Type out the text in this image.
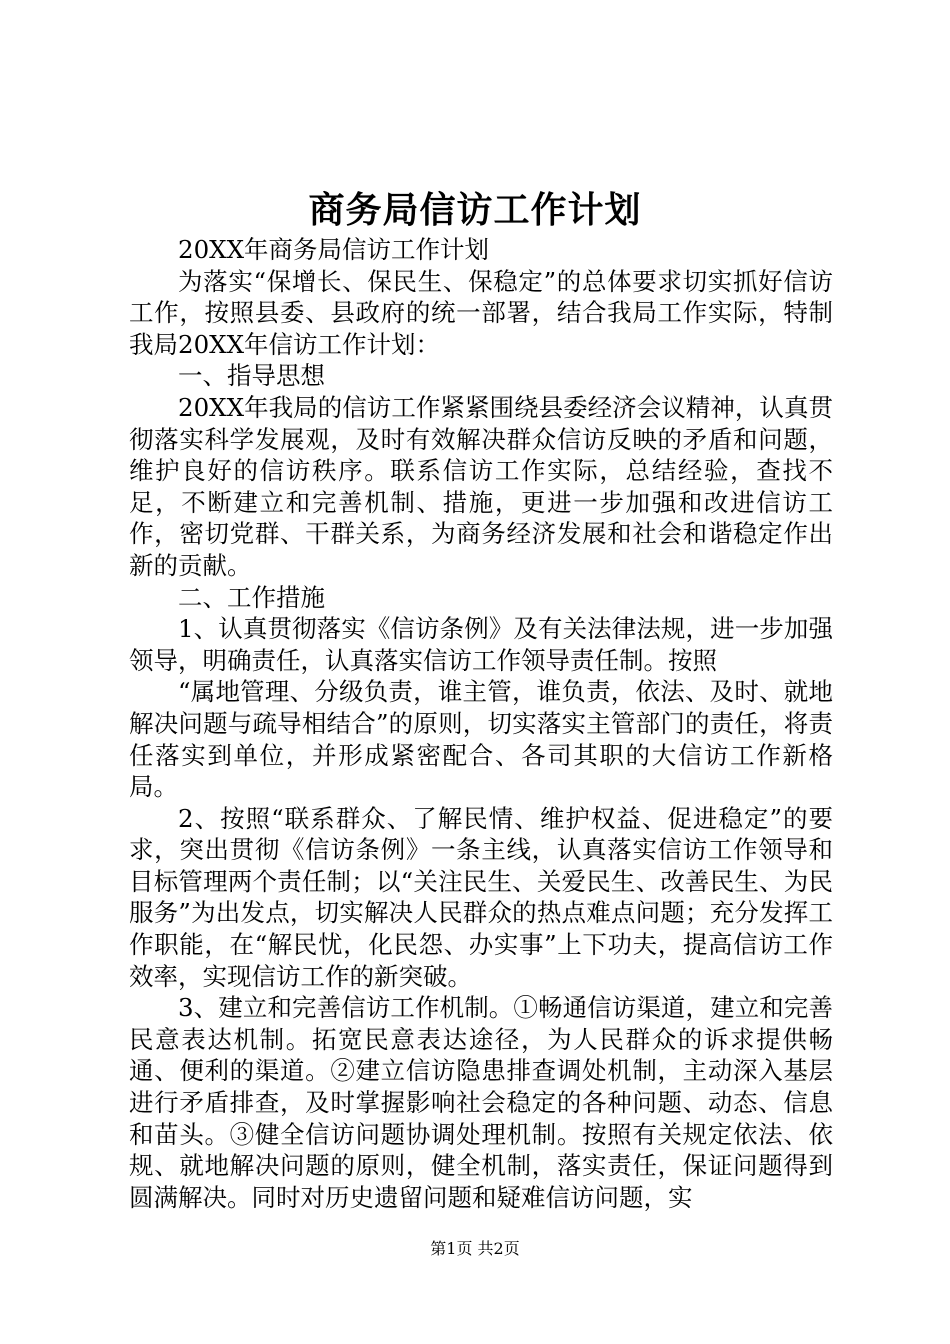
商务局信访工作计划

20XX年商务局信访工作计划

为落实“保增长、保民生、保稳定”的总体要求切实抓好信访工作，按照县委、县政府的统一部署，结合我局工作实际，特制我局20XX年信访工作计划：

一、指导思想

20XX年我局的信访工作紧紧围绕县委经济会议精神，认真贯彻落实科学发展观，及时有效解决群众信访反映的矛盾和问题，维护良好的信访秩序。联系信访工作实际，总结经验，查找不足，不断建立和完善机制、措施，更进一步加强和改进信访工作，密切党群、干群关系，为商务经济发展和社会和谐稳定作出新的贡献。

二、工作措施

1、认真贯彻落实《信访条例》及有关法律法规，进一步加强领导，明确责任，认真落实信访工作领导责任制。按照

“属地管理、分级负责，谁主管，谁负责，依法、及时、就地解决问题与疏导相结合”的原则，切实落实主管部门的责任，将责任落实到单位，并形成紧密配合、各司其职的大信访工作新格局。

2、按照“联系群众、了解民情、维护权益、促进稳定”的要求，突出贯彻《信访条例》一条主线，认真落实信访工作领导和目标管理两个责任制；以“关注民生、关爱民生、改善民生、为民服务”为出发点，切实解决人民群众的热点难点问题；充分发挥工作职能，在“解民忧，化民怨、办实事”上下功夫，提高信访工作效率，实现信访工作的新突破。

3、建立和完善信访工作机制。①畅通信访渠道，建立和完善民意表达机制。拓宽民意表达途径，为人民群众的诉求提供畅通、便利的渠道。②建立信访隐患排查调处机制，主动深入基层进行矛盾排查，及时掌握影响社会稳定的各种问题、动态、信息和苗头。③健全信访问题协调处理机制。按照有关规定依法、依规、就地解决问题的原则，健全机制，落实责任，保证问题得到圆满解决。同时对历史遗留问题和疑难信访问题，实

第1页 共2页
